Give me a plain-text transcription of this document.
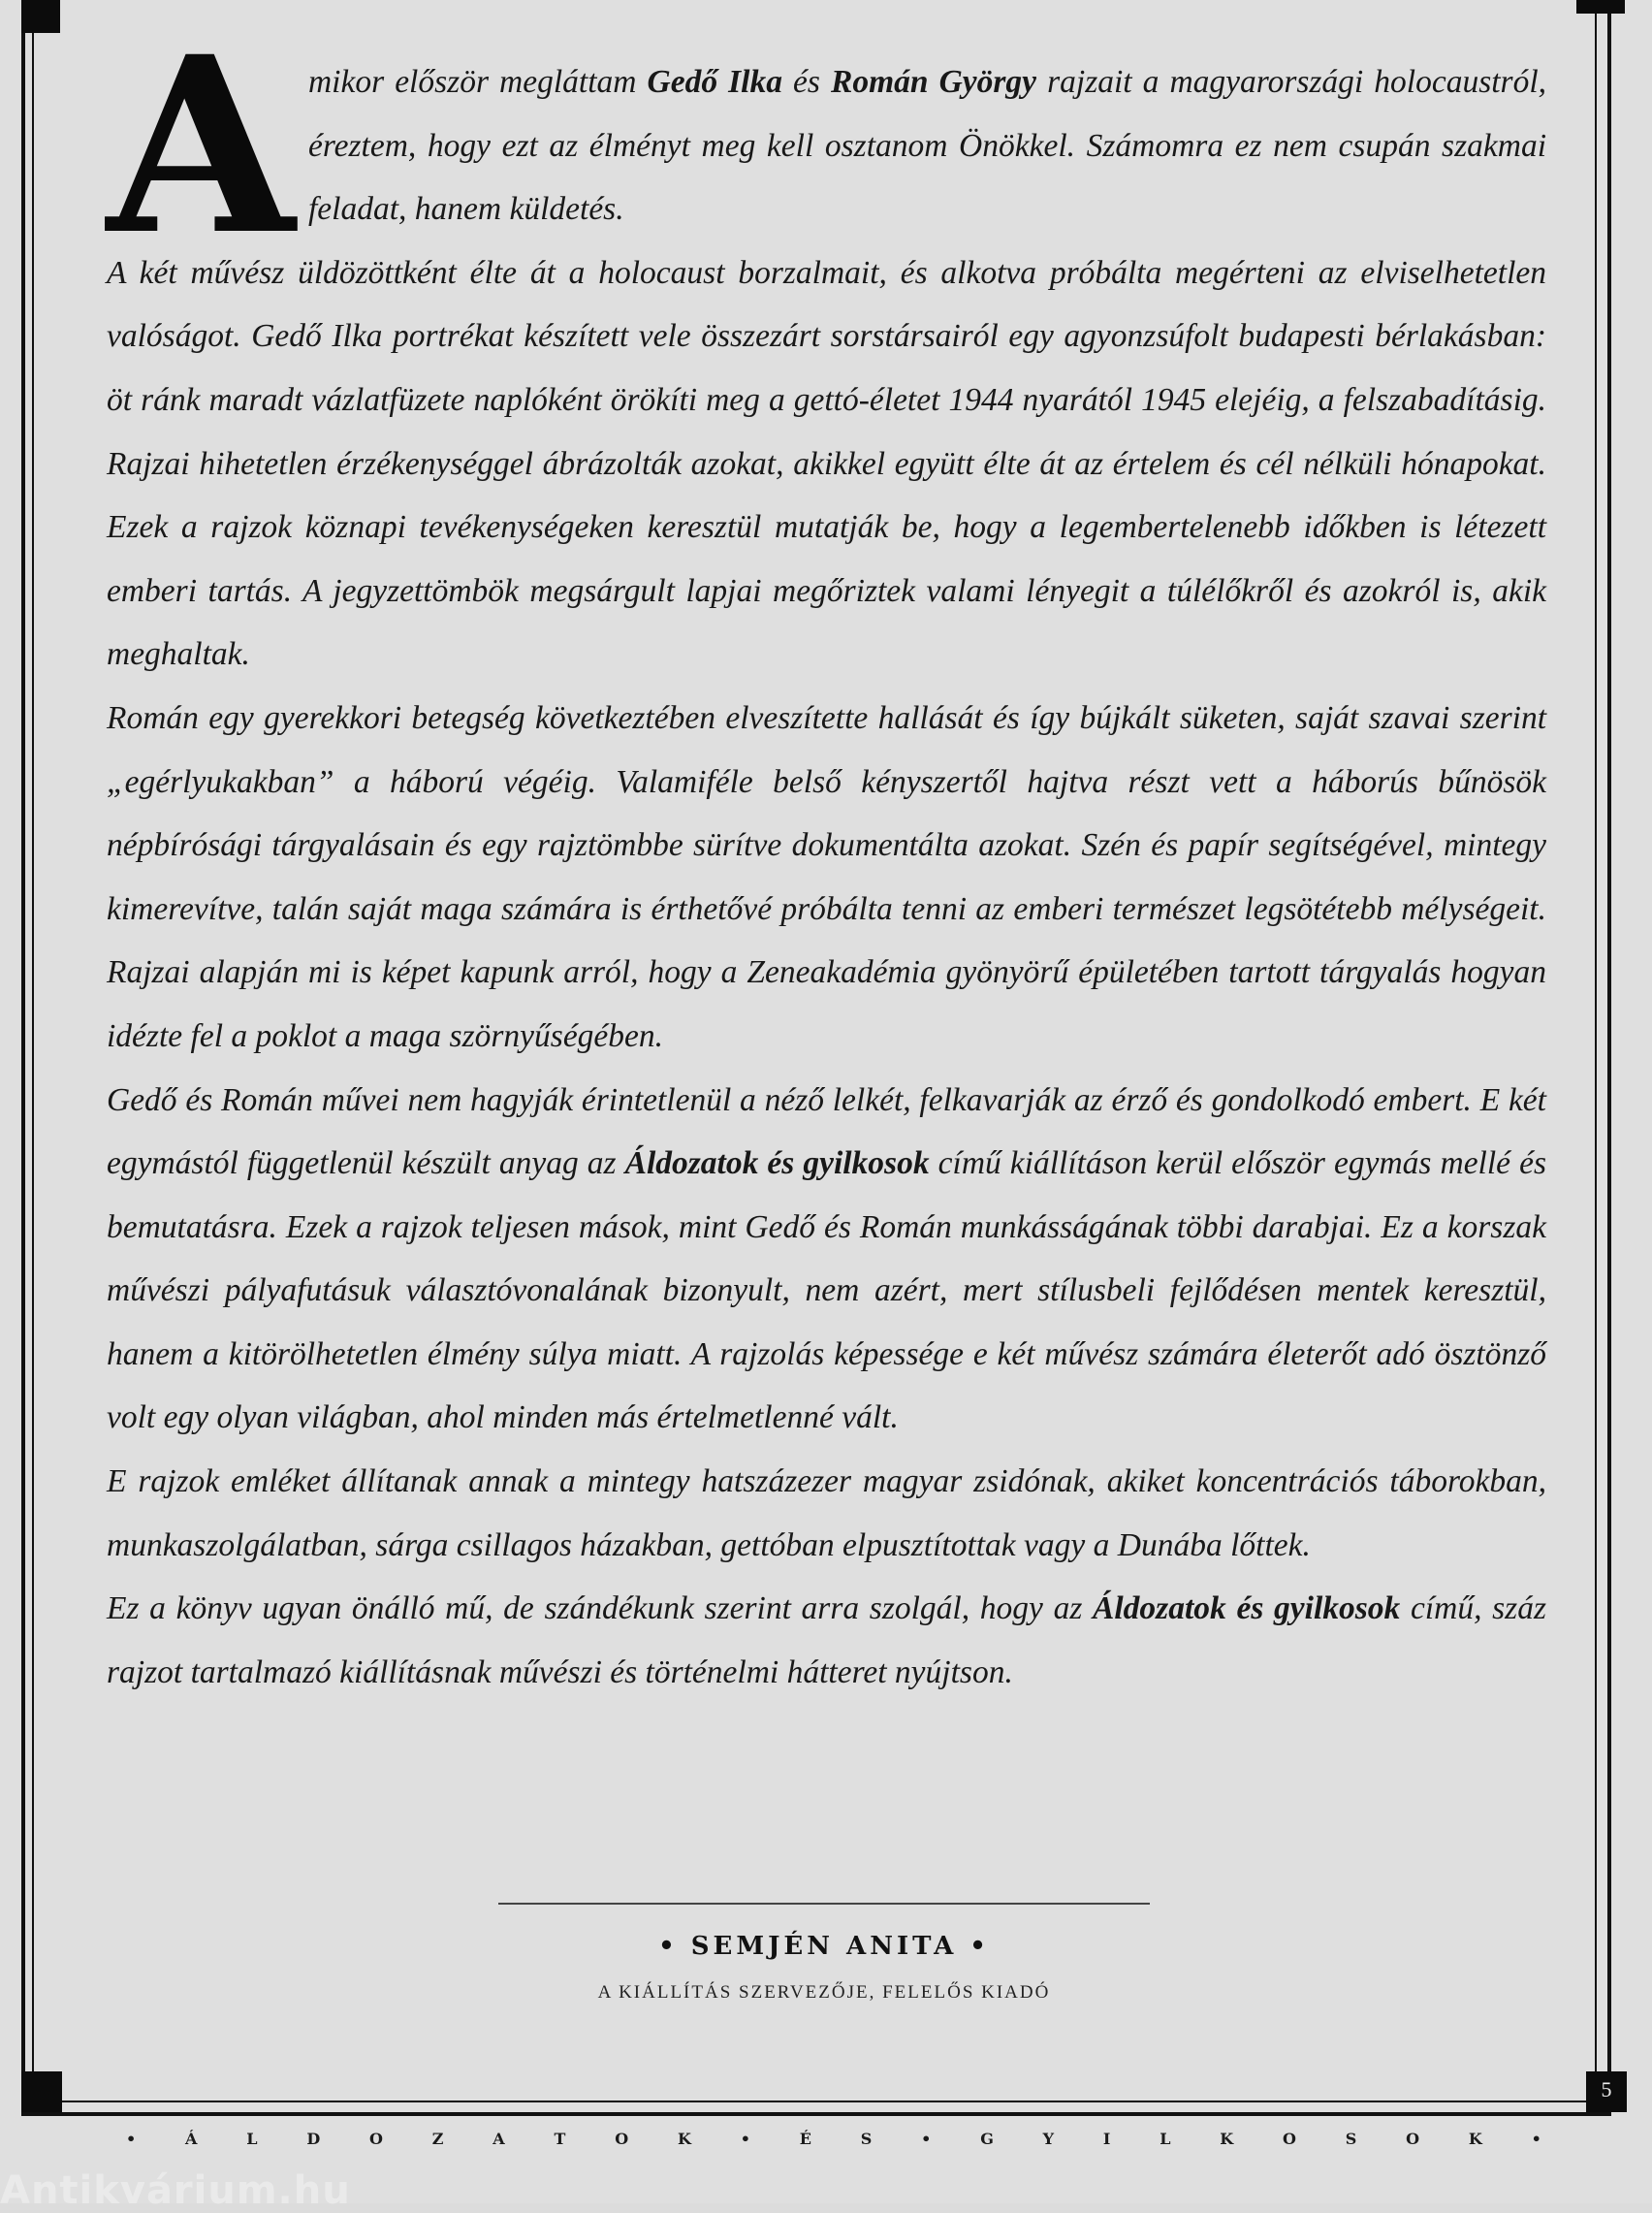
A mikor először megláttam Gedő Ilka és Román György rajzait a magyarországi holocaustról, éreztem, hogy ezt az élményt meg kell osztanom Önökkel. Számomra ez nem csupán szakmai feladat, hanem küldetés.

A két művész üldözöttként élte át a holocaust borzalmait, és alkotva próbálta megérteni az elviselhetetlen valóságot. Gedő Ilka portrékat készített vele összezárt sorstársairól egy agyonzsúfolt budapesti bérlakásban: öt ránk maradt vázlatfüzete naplóként örökíti meg a gettó-életet 1944 nyarától 1945 elejéig, a felszabadításig. Rajzai hihetetlen érzékenységgel ábrázolták azokat, akikkel együtt élte át az értelem és cél nélküli hónapokat. Ezek a rajzok köznapi tevékenységeken keresztül mutatják be, hogy a legembertelenebb időkben is létezett emberi tartás. A jegyzettömbök megsárgult lapjai megőriztek valami lényegit a túlélőkről és azokról is, akik meghaltak.

Román egy gyerekkori betegség következtében elveszítette hallását és így bújkált süketen, saját szavai szerint „egérlyukakban” a háború végéig. Valamiféle belső kényszertől hajtva részt vett a háborús bűnösök népbírósági tárgyalásain és egy rajztömbbe sürítve dokumentálta azokat. Szén és papír segítségével, mintegy kimerevítve, talán saját maga számára is érthetővé próbálta tenni az emberi természet legsötétebb mélységeit. Rajzai alapján mi is képet kapunk arról, hogy a Zeneakadémia gyönyörű épületében tartott tárgyalás hogyan idézte fel a poklot a maga szörnyűségében.

Gedő és Román művei nem hagyják érintetlenül a néző lelkét, felkavarják az érző és gondolkodó embert. E két egymástól függetlenül készült anyag az Áldozatok és gyilkosok című kiállításon kerül először egymás mellé és bemutatásra. Ezek a rajzok teljesen mások, mint Gedő és Román munkásságának többi darabjai. Ez a korszak művészi pályafutásuk választóvonalának bizonyult, nem azért, mert stílusbeli fejlődésen mentek keresztül, hanem a kitörölhetetlen élmény súlya miatt. A rajzolás képessége e két művész számára életerőt adó ösztönző volt egy olyan világban, ahol minden más értelmetlenné vált.

E rajzok emléket állítanak annak a mintegy hatszázezer magyar zsidónak, akiket koncentrációs táborokban, munkaszolgálatban, sárga csillagos házakban, gettóban elpusztítottak vagy a Dunába lőttek.

Ez a könyv ugyan önálló mű, de szándékunk szerint arra szolgál, hogy az Áldozatok és gyilkosok című, száz rajzot tartalmazó kiállításnak művészi és történelmi hátteret nyújtson.

• SEMJÉN ANITA •
A KIÁLLÍTÁS SZERVEZŐJE, FELELŐS KIADÓ
5
•	Á	L	D	O	Z	A	T	O	K	•	É	S	•	G	Y	I	L	K	O	S	O	K	•
Antikvárium.hu
